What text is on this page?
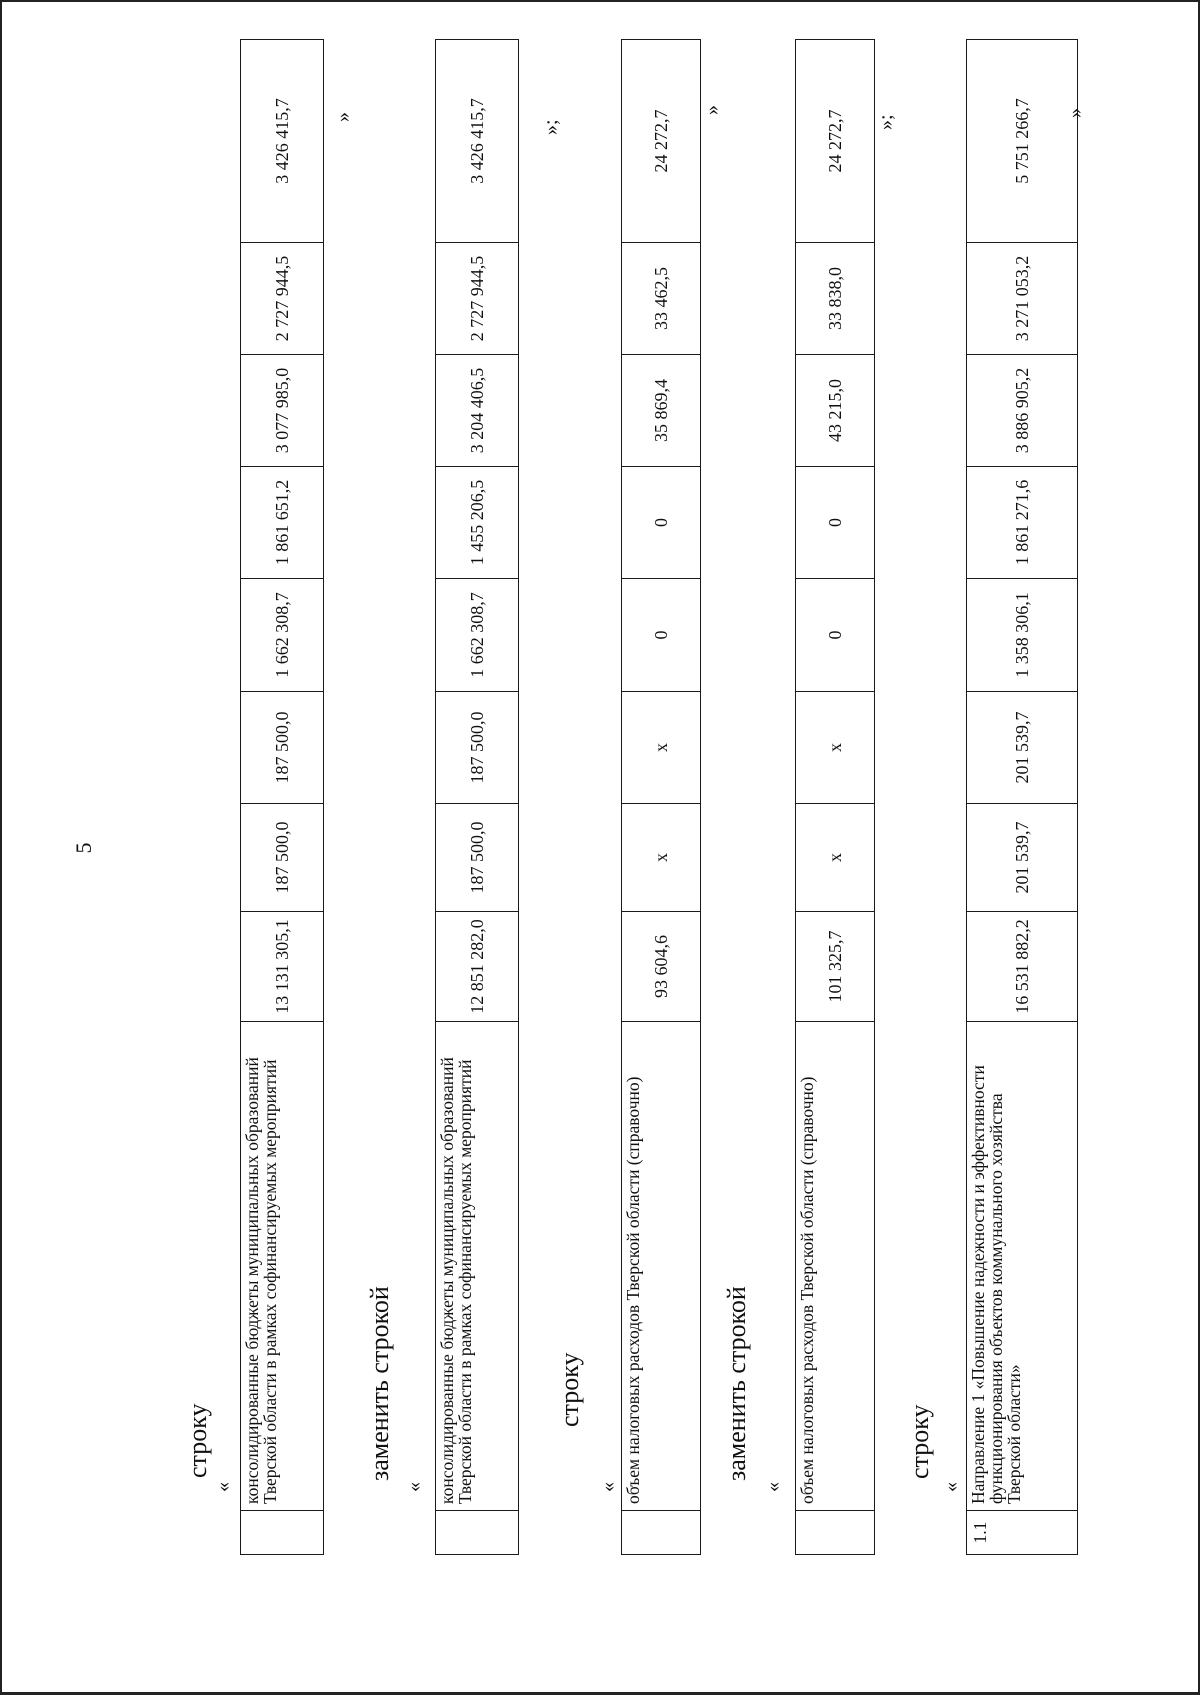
5
строку
«
	консолидированные бюджеты муниципальных образований Тверской области в рамках софинансируемых мероприятий	13 131 305,1	187 500,0	187 500,0	1 662 308,7	1 861 651,2	3 077 985,0	2 727 944,5	3 426 415,7 »
заменить строкой
«
	консолидированные бюджеты муниципальных образований Тверской области в рамках софинансируемых мероприятий	12 851 282,0	187 500,0	187 500,0	1 662 308,7	1 455 206,5	3 204 406,5	2 727 944,5	3 426 415,7	»;
строку
«
	объем налоговых расходов Тверской области (справочно)	93 604,6	х	х	0	0	35 869,4	33 462,5	24 272,7 »
заменить строкой
«
	объем налоговых расходов Тверской области (справочно)	101 325,7	х	х	0	0	43 215,0	33 838,0	24 272,7 »;
строку
«
1.1	Направление 1 «Повышение надежности и эффективности функционирования объектов коммунального хозяйства Тверской области»	16 531 882,2	201 539,7	201 539,7	1 358 306,1	1 861 271,6	3 886 905,2	3 271 053,2	5 751 266,7 »
